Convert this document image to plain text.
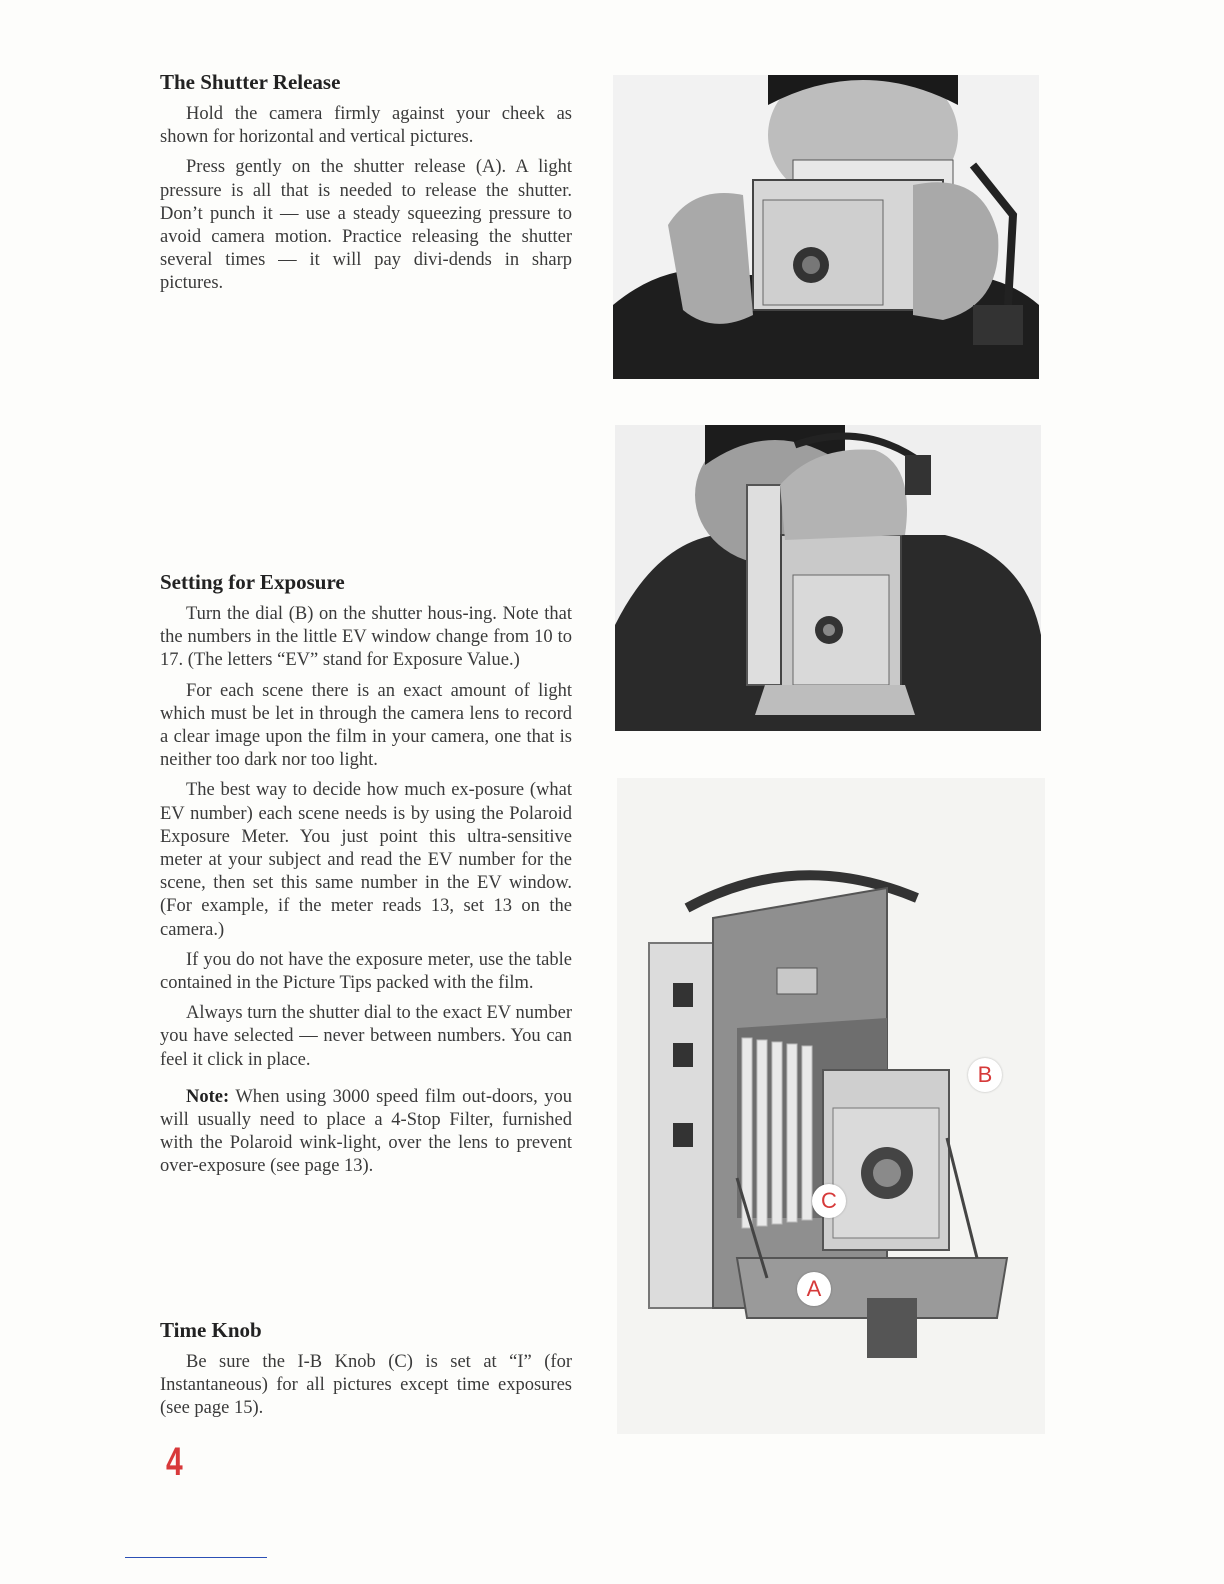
The Shutter Release

Hold the camera firmly against your cheek as shown for horizontal and vertical pictures.

Press gently on the shutter release (A). A light pressure is all that is needed to release the shutter. Don’t punch it — use a steady squeezing pressure to avoid camera motion. Practice releasing the shutter several times — it will pay divi-dends in sharp pictures.

Setting for Exposure

Turn the dial (B) on the shutter hous-ing. Note that the numbers in the little EV window change from 10 to 17. (The letters “EV” stand for Exposure Value.)

For each scene there is an exact amount of light which must be let in through the camera lens to record a clear image upon the film in your camera, one that is neither too dark nor too light.

The best way to decide how much ex-posure (what EV number) each scene needs is by using the Polaroid Exposure Meter. You just point this ultra-sensitive meter at your subject and read the EV number for the scene, then set this same number in the EV window. (For example, if the meter reads 13, set 13 on the camera.)

If you do not have the exposure meter, use the table contained in the Picture Tips packed with the film.

Always turn the shutter dial to the exact EV number you have selected — never between numbers. You can feel it click in place.

Note: When using 3000 speed film out-doors, you will usually need to place a 4-Stop Filter, furnished with the Polaroid wink-light, over the lens to prevent over-exposure (see page 13).

Time Knob

Be sure the I-B Knob (C) is set at “I” (for Instantaneous) for all pictures except time exposures (see page 15).

4
B
C
A
